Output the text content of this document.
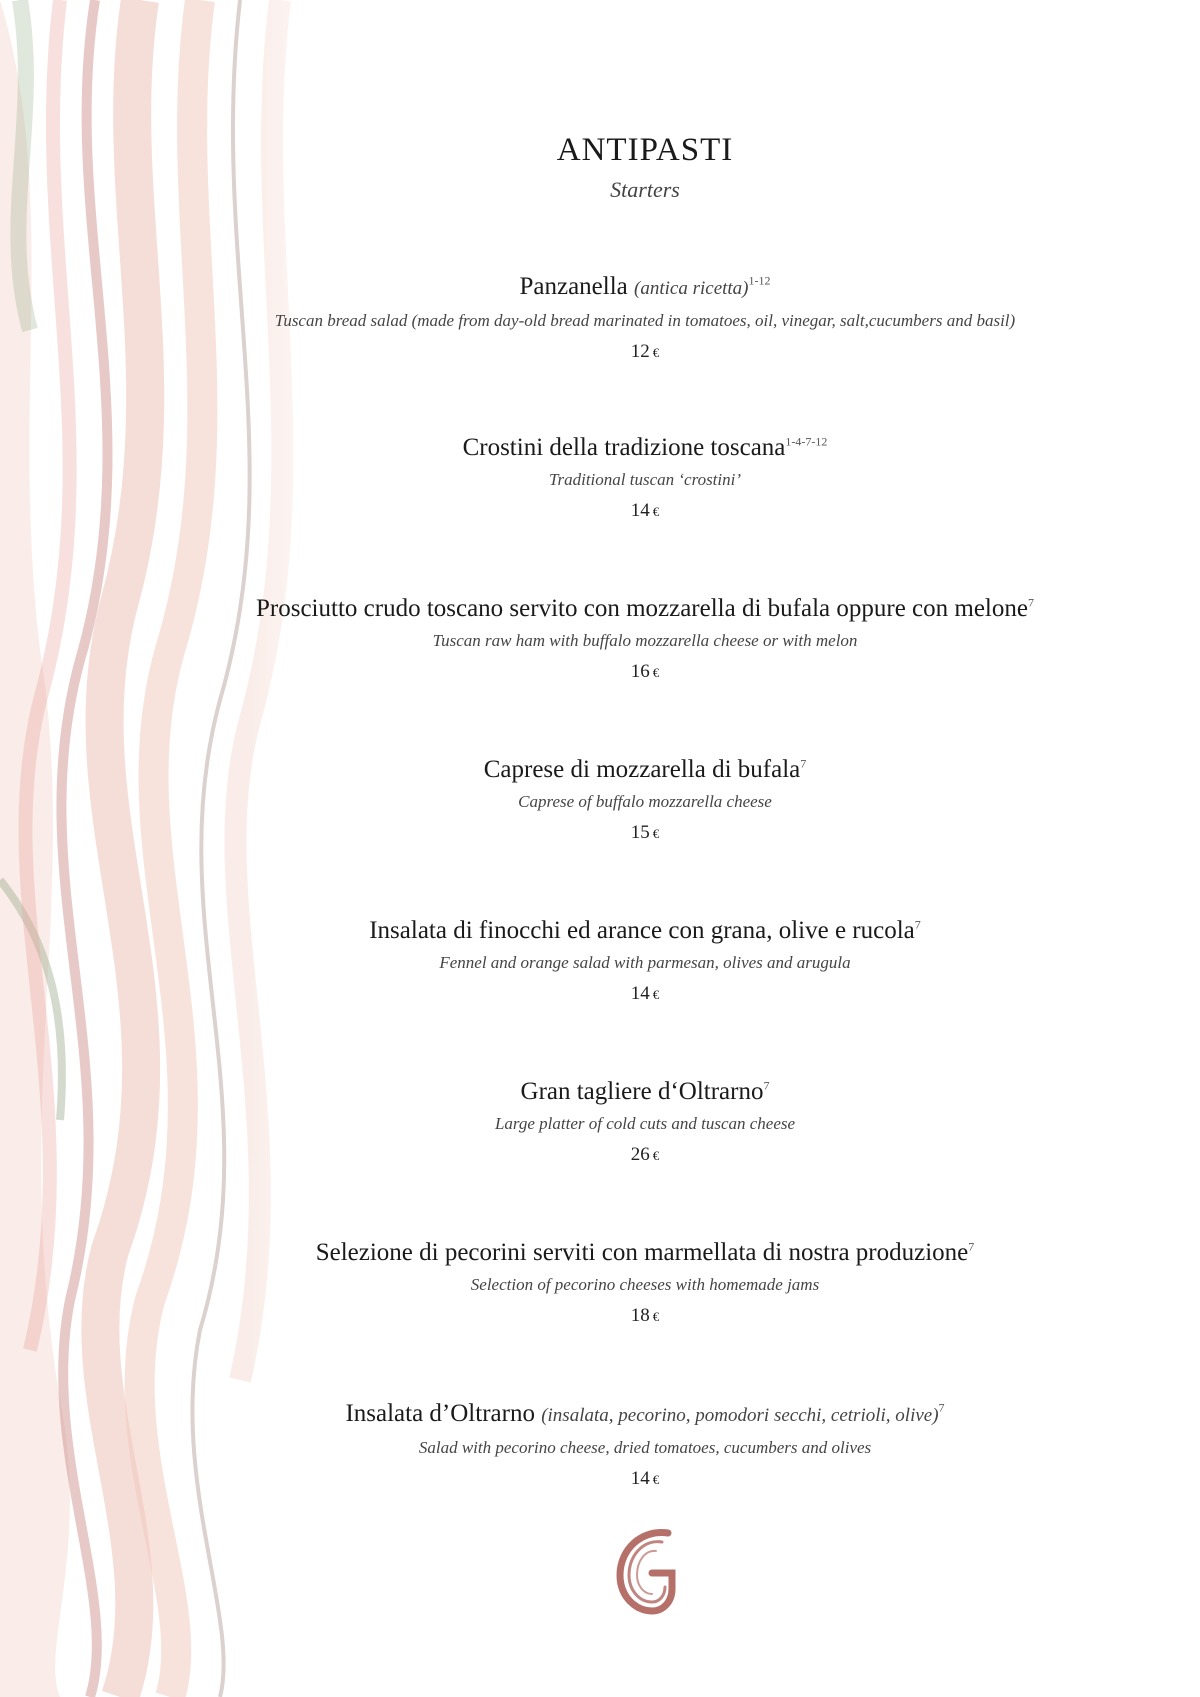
ANTIPASTI
Starters
Panzanella (antica ricetta)$^{1-12}$
Tuscan bread salad (made from day-old bread marinated in tomatoes, oil, vinegar, salt,cucumbers and basil)
12 €
Crostini della tradizione toscana$^{1-4-7-12}$
Traditional tuscan ‘crostini’
14 €
Prosciutto crudo toscano servito con mozzarella di bufala oppure con melone$^7$
Tuscan raw ham with buffalo mozzarella cheese or with melon
16 €
Caprese di mozzarella di bufala$^7$
Caprese of buffalo mozzarella cheese
15 €
Insalata di finocchi ed arance con grana, olive e rucola$^7$
Fennel and orange salad with parmesan, olives and arugula
14 €
Gran tagliere d‘Oltrarno$^7$
Large platter of cold cuts and tuscan cheese
26 €
Selezione di pecorini serviti con marmellata di nostra produzione$^7$
Selection of pecorino cheeses with homemade jams
18 €
Insalata d’Oltrarno (insalata, pecorino, pomodori secchi, cetrioli, olive)$^7$
Salad with pecorino cheese, dried tomatoes, cucumbers and olives
14 €
